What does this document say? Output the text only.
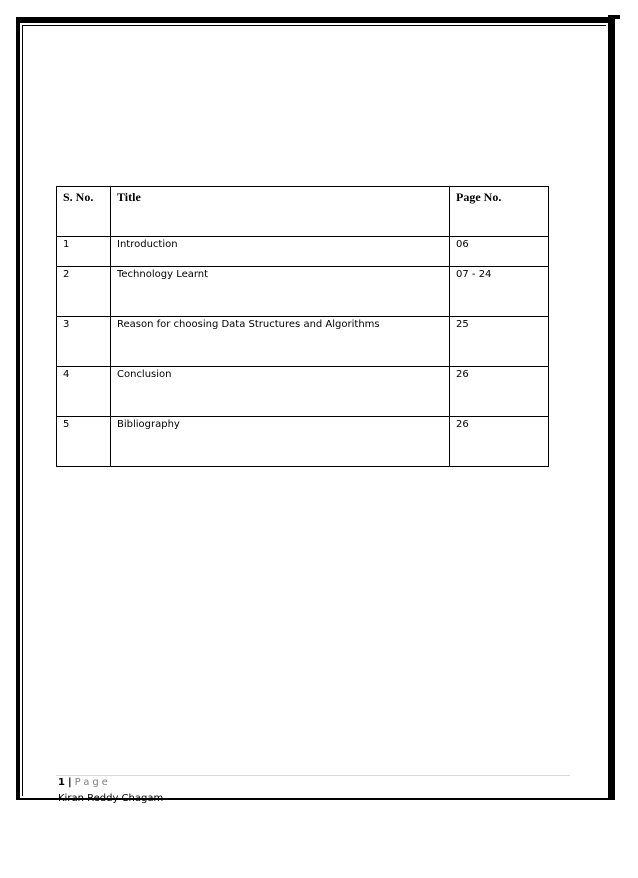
S. No.	Title	Page No.
1	Introduction	06
2	Technology Learnt	07 - 24
3	Reason for choosing Data Structures and Algorithms	25
4	Conclusion	26
5	Bibliography	26
1 | Page
Kiran Reddy Chagam
